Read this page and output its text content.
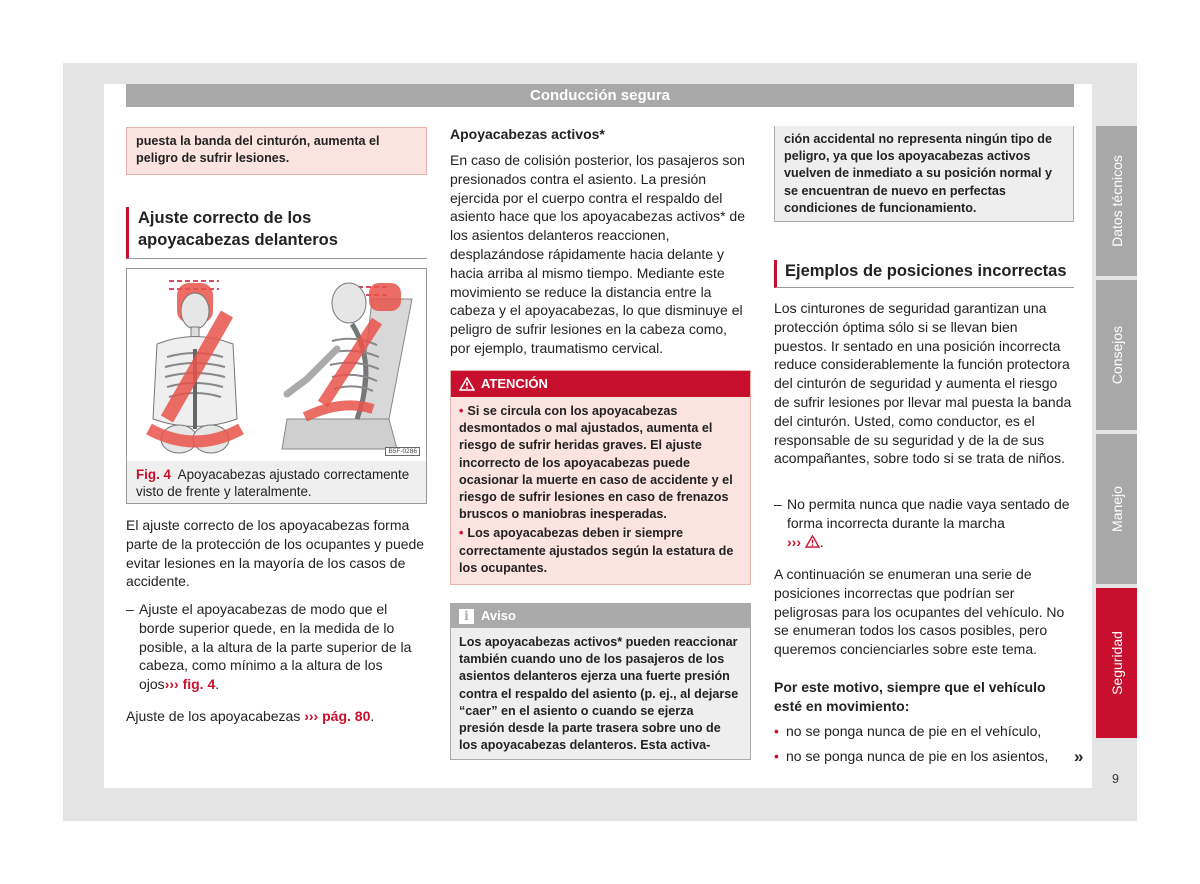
Conducción segura
puesta la banda del cinturón, aumenta el peligro de sufrir lesiones.
Ajuste correcto de los apoyacabezas delanteros
B5F-0286
Fig. 4 Apoyacabezas ajustado correctamente visto de frente y lateralmente.
El ajuste correcto de los apoyacabezas forma parte de la protección de los ocupantes y puede evitar lesiones en la mayoría de los casos de accidente.
– Ajuste el apoyacabezas de modo que el borde superior quede, en la medida de lo posible, a la altura de la parte superior de la cabeza, como mínimo a la altura de los ojos››› fig. 4.
Ajuste de los apoyacabezas ››› pág. 80.
Apoyacabezas activos*
En caso de colisión posterior, los pasajeros son presionados contra el asiento. La presión ejercida por el cuerpo contra el respaldo del asiento hace que los apoyacabezas activos* de los asientos delanteros reaccionen, desplazándose rápidamente hacia delante y hacia arriba al mismo tiempo. Mediante este movimiento se reduce la distancia entre la cabeza y el apoyacabezas, lo que disminuye el peligro de sufrir lesiones en la cabeza como, por ejemplo, traumatismo cervical.
ATENCIÓN
• Si se circula con los apoyacabezas desmontados o mal ajustados, aumenta el riesgo de sufrir heridas graves. El ajuste incorrecto de los apoyacabezas puede ocasionar la muerte en caso de accidente y el riesgo de sufrir lesiones en caso de frenazos bruscos o maniobras inesperadas.
• Los apoyacabezas deben ir siempre correctamente ajustados según la estatura de los ocupantes.
i Aviso
Los apoyacabezas activos* pueden reaccionar también cuando uno de los pasajeros de los asientos delanteros ejerza una fuerte presión contra el respaldo del asiento (p. ej., al dejarse “caer” en el asiento o cuando se ejerza presión desde la parte trasera sobre uno de los apoyacabezas delanteros. Esta activa-
ción accidental no representa ningún tipo de peligro, ya que los apoyacabezas activos vuelven de inmediato a su posición normal y se encuentran de nuevo en perfectas condiciones de funcionamiento.
Ejemplos de posiciones incorrectas
Los cinturones de seguridad garantizan una protección óptima sólo si se llevan bien puestos. Ir sentado en una posición incorrecta reduce considerablemente la función protectora del cinturón de seguridad y aumenta el riesgo de sufrir lesiones por llevar mal puesta la banda del cinturón. Usted, como conductor, es el responsable de su seguridad y de la de sus acompañantes, sobre todo si se trata de niños.
– No permita nunca que nadie vaya sentado de forma incorrecta durante la marcha
››› .
A continuación se enumeran una serie de posiciones incorrectas que podrían ser peligrosas para los ocupantes del vehículo. No se enumeran todos los casos posibles, pero queremos concienciarles sobre este tema.
Por este motivo, siempre que el vehículo esté en movimiento:
• no se ponga nunca de pie en el vehículo,
• no se ponga nunca de pie en los asientos,	»
Datos técnicos
Consejos
Manejo
Seguridad
9
